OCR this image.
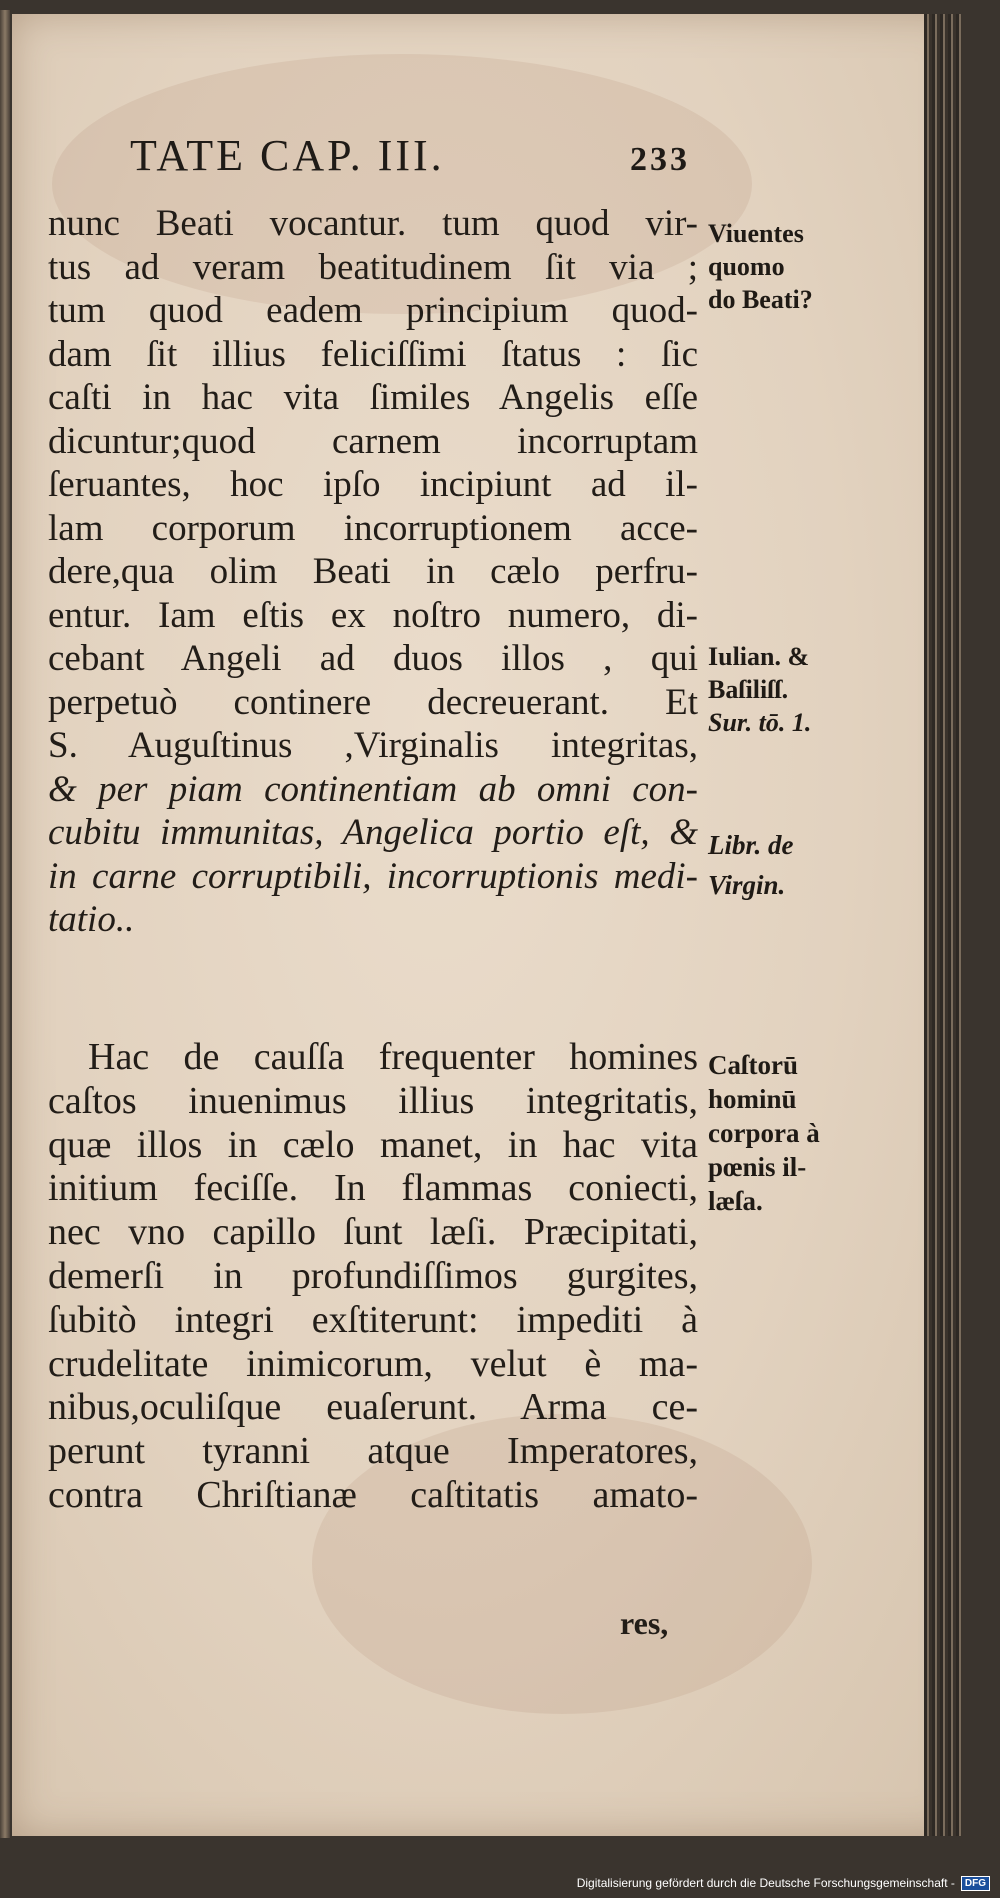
TATE CAP. III.	233
nunc Beati vocantur. tum quod vir-
tus ad veram beatitudinem ſit via ;
tum quod eadem principium quod-
dam ſit illius feliciſſimi ſtatus : ſic
caſti in hac vita ſimiles Angelis eſſe
dicuntur;quod carnem incorruptam
ſeruantes, hoc ipſo incipiunt ad il-
lam corporum incorruptionem acce-
dere,qua olim Beati in cælo perfru-
entur. Iam eſtis ex noſtro numero, di-
cebant Angeli ad duos illos , qui
perpetuò continere decreuerant. Et
S. Auguſtinus ,Virginalis integritas,
& per piam continentiam ab omni con-
cubitu immunitas, Angelica portio eſt, &
in carne corruptibili, incorruptionis medi-
tatio..
Hac de cauſſa frequenter homines
caſtos inuenimus illius integritatis,
quæ illos in cælo manet, in hac vita
initium feciſſe. In flammas coniecti,
nec vno capillo ſunt læſi. Præcipitati,
demerſi in profundiſſimos gurgites,
ſubitò integri exſtiterunt: impediti à
crudelitate inimicorum, velut è ma-
nibus,oculiſque euaſerunt. Arma ce-
perunt tyranni atque Imperatores,
contra Chriſtianæ caſtitatis amato-
res,
Viuentes
quomo
do Beati?
Iulian. &
Baſiliſſ.
Sur. tō. 1.
Libr. de
Virgin.
Caſtorū
hominū
corpora à
pœnis il-
læſa.
Digitalisierung gefördert durch die Deutsche Forschungsgemeinschaft -	DFG
